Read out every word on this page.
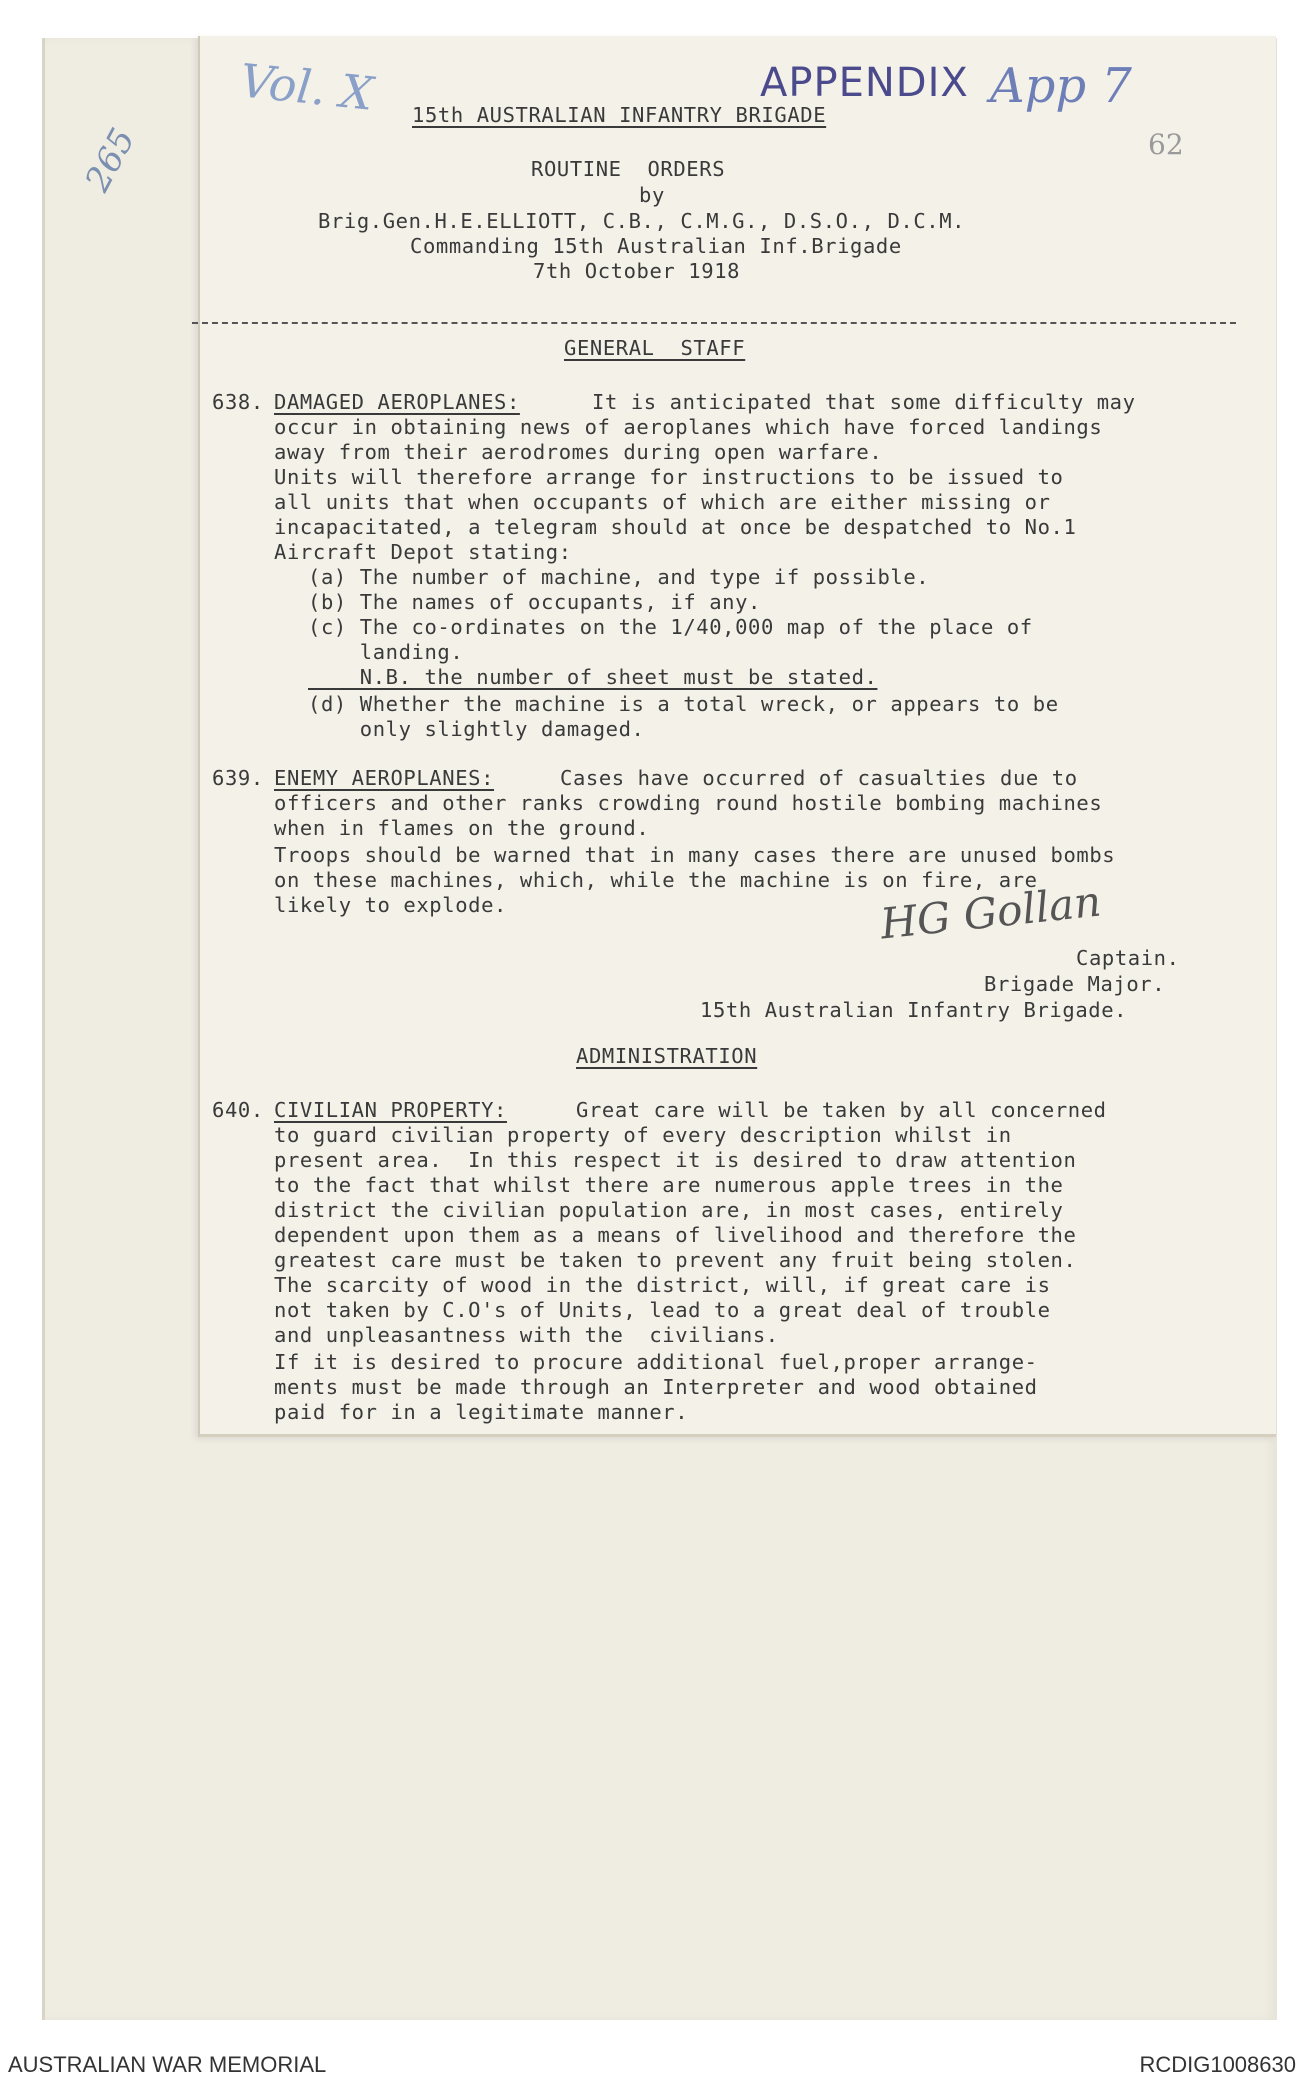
Vol. X
265
APPENDIX App 7
62
15th AUSTRALIAN INFANTRY BRIGADE
ROUTINE  ORDERS
by
Brig.Gen.H.E.ELLIOTT, C.B., C.M.G., D.S.O., D.C.M.
Commanding 15th Australian Inf.Brigade
7th October 1918
GENERAL  STAFF
638. DAMAGED AEROPLANES:	It is anticipated that some difficulty may
occur in obtaining news of aeroplanes which have forced landings
away from their aerodromes during open warfare.
Units will therefore arrange for instructions to be issued to
all units that when occupants of which are either missing or
incapacitated, a telegram should at once be despatched to No.1
Aircraft Depot stating:
(a) The number of machine, and type if possible.
(b) The names of occupants, if any.
(c) The co-ordinates on the 1/40,000 map of the place of
landing.
N.B. the number of sheet must be stated.
(d) Whether the machine is a total wreck, or appears to be
only slightly damaged.
639. ENEMY AEROPLANES:	Cases have occurred of casualties due to
officers and other ranks crowding round hostile bombing machines
when in flames on the ground.
Troops should be warned that in many cases there are unused bombs
on these machines, which, while the machine is on fire, are
likely to explode.	HG Gollan
Captain.
Brigade Major.
15th Australian Infantry Brigade.
ADMINISTRATION
640. CIVILIAN PROPERTY:	Great care will be taken by all concerned
to guard civilian property of every description whilst in
present area.  In this respect it is desired to draw attention
to the fact that whilst there are numerous apple trees in the
district the civilian population are, in most cases, entirely
dependent upon them as a means of livelihood and therefore the
greatest care must be taken to prevent any fruit being stolen.
The scarcity of wood in the district, will, if great care is
not taken by C.O's of Units, lead to a great deal of trouble
and unpleasantness with the  civilians.
If it is desired to procure additional fuel,proper arrange-
ments must be made through an Interpreter and wood obtained
paid for in a legitimate manner.
AUSTRALIAN WAR MEMORIAL	RCDIG1008630
